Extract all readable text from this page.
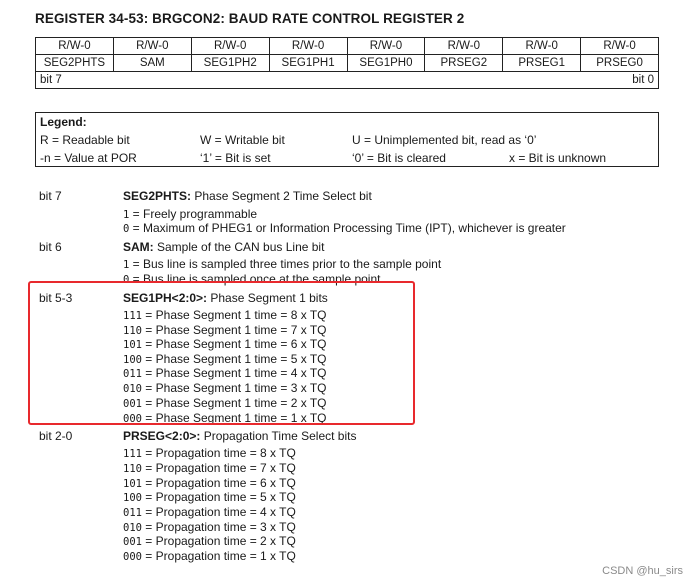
REGISTER 34-53: BRGCON2: BAUD RATE CONTROL REGISTER 2
R/W-0	R/W-0	R/W-0	R/W-0	R/W-0	R/W-0	R/W-0	R/W-0
SEG2PHTS	SAM	SEG1PH2	SEG1PH1	SEG1PH0	PRSEG2	PRSEG1	PRSEG0

bit 7 bit 0							
Legend:
R = Readable bit	W = Writable bit	U = Unimplemented bit, read as ‘0’
-n = Value at POR	‘1’ = Bit is set	‘0’ = Bit is cleared	x = Bit is unknown
bit 7	SEG2PHTS: Phase Segment 2 Time Select bit
1 = Freely programmable
0 = Maximum of PHEG1 or Information Processing Time (IPT), whichever is greater
bit 6	SAM: Sample of the CAN bus Line bit
1 = Bus line is sampled three times prior to the sample point
0 = Bus line is sampled once at the sample point
bit 5-3	SEG1PH<2:0>: Phase Segment 1 bits
111 = Phase Segment 1 time = 8 x TQ
110 = Phase Segment 1 time = 7 x TQ
101 = Phase Segment 1 time = 6 x TQ
100 = Phase Segment 1 time = 5 x TQ
011 = Phase Segment 1 time = 4 x TQ
010 = Phase Segment 1 time = 3 x TQ
001 = Phase Segment 1 time = 2 x TQ
000 = Phase Segment 1 time = 1 x TQ
bit 2-0	PRSEG<2:0>: Propagation Time Select bits
111 = Propagation time = 8 x TQ
110 = Propagation time = 7 x TQ
101 = Propagation time = 6 x TQ
100 = Propagation time = 5 x TQ
011 = Propagation time = 4 x TQ
010 = Propagation time = 3 x TQ
001 = Propagation time = 2 x TQ
000 = Propagation time = 1 x TQ
CSDN @hu_sirs
